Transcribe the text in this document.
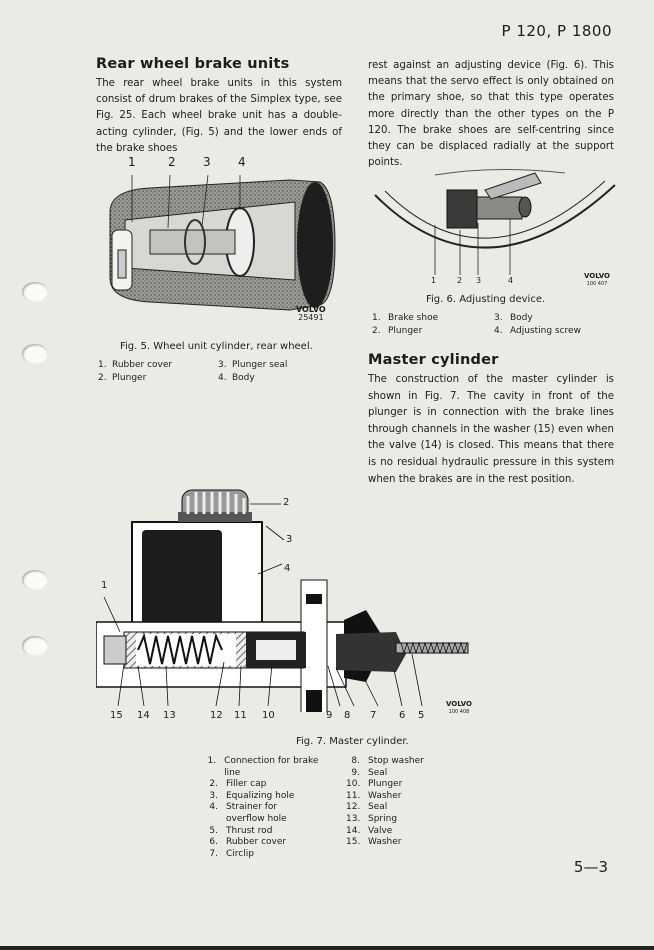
P 120, P 1800
Rear wheel brake units
The rear wheel brake units in this system consist of drum brakes of the Simplex type, see Fig. 25. Each wheel brake unit has a double-acting cylinder, (Fig. 5) and the lower ends of the brake shoes
rest against an adjusting device (Fig. 6). This means that the servo effect is only obtained on the primary shoe, so that this type operates more directly than the other types on the P 120. The brake shoes are self-centring since they can be displaced radially at the support points.
1	2 3 4
VOLVO
25491
Fig. 5. Wheel unit cylinder, rear wheel.
1. Rubber cover	3. Plunger seal
2. Plunger	4. Body
1	2 3	4	VOLVO
100 407
Fig. 6. Adjusting device.
1. Brake shoe	3. Body
2. Plunger	4. Adjusting screw
Master cylinder
The construction of the master cylinder is shown in Fig. 7. The cavity in front of the plunger is in connection with the brake lines through channels in the washer (15) even when the valve (14) is closed. This means that there is no residual hydraulic pressure in this system when the brakes are in the rest position.
2
3
4
1
15 14 13	12 11 10	9 8 7 6 5
VOLVO
100 408
Fig. 7. Master cylinder.
1. Connection for brake line
2. Filler cap
3. Equalizing hole
4. Strainer for overflow hole
5. Thrust rod
6. Rubber cover
7. Circlip
8. Stop washer
9. Seal
10. Plunger
11. Washer
12. Seal
13. Spring
14. Valve
15. Washer
5—3
